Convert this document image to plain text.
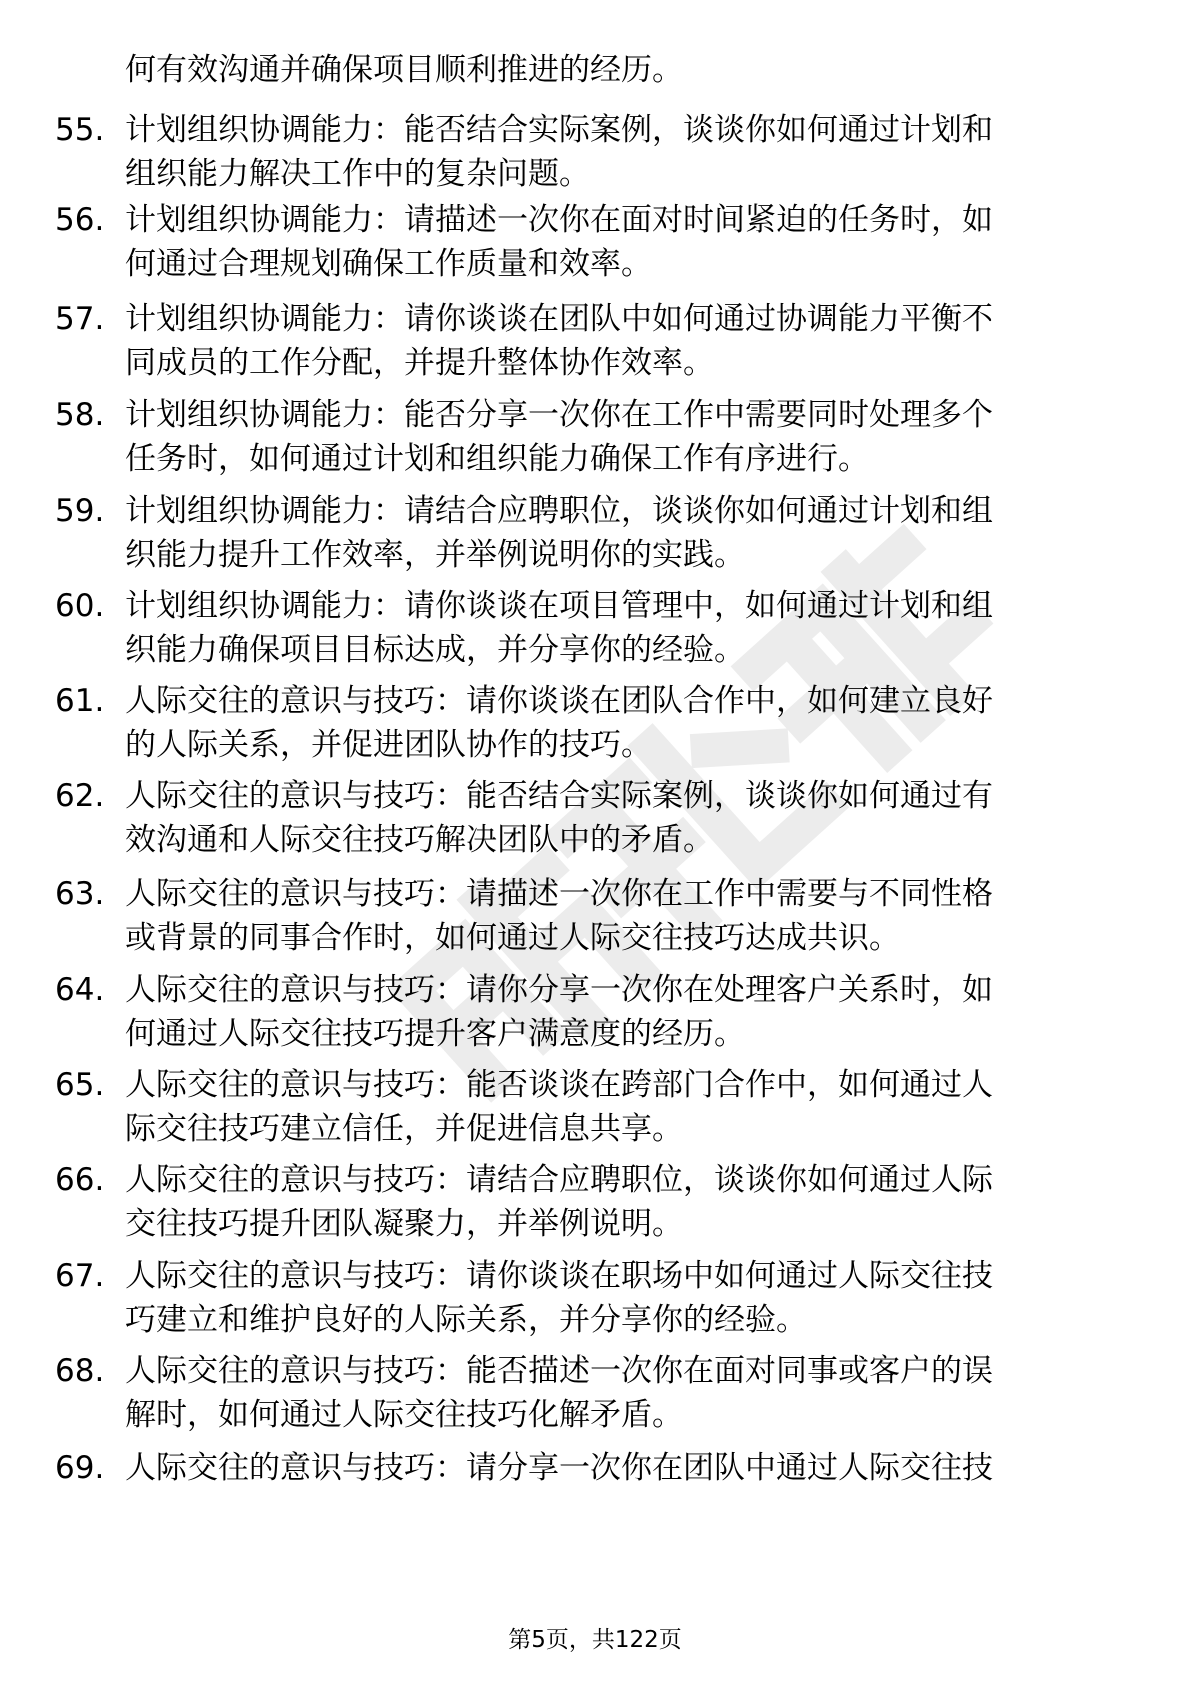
何有效沟通并确保项目顺利推进的经历。
55. 计划组织协调能力：能否结合实际案例，谈谈你如何通过计划和
组织能力解决工作中的复杂问题。
56. 计划组织协调能力：请描述一次你在面对时间紧迫的任务时，如
何通过合理规划确保工作质量和效率。
57. 计划组织协调能力：请你谈谈在团队中如何通过协调能力平衡不
同成员的工作分配，并提升整体协作效率。
58. 计划组织协调能力：能否分享一次你在工作中需要同时处理多个
任务时，如何通过计划和组织能力确保工作有序进行。
59. 计划组织协调能力：请结合应聘职位，谈谈你如何通过计划和组
织能力提升工作效率，并举例说明你的实践。
60. 计划组织协调能力：请你谈谈在项目管理中，如何通过计划和组
织能力确保项目目标达成，并分享你的经验。
61. 人际交往的意识与技巧：请你谈谈在团队合作中，如何建立良好
的人际关系，并促进团队协作的技巧。
62. 人际交往的意识与技巧：能否结合实际案例，谈谈你如何通过有
效沟通和人际交往技巧解决团队中的矛盾。
63. 人际交往的意识与技巧：请描述一次你在工作中需要与不同性格
或背景的同事合作时，如何通过人际交往技巧达成共识。
64. 人际交往的意识与技巧：请你分享一次你在处理客户关系时，如
何通过人际交往技巧提升客户满意度的经历。
65. 人际交往的意识与技巧：能否谈谈在跨部门合作中，如何通过人
际交往技巧建立信任，并促进信息共享。
66. 人际交往的意识与技巧：请结合应聘职位，谈谈你如何通过人际
交往技巧提升团队凝聚力，并举例说明。
67. 人际交往的意识与技巧：请你谈谈在职场中如何通过人际交往技
巧建立和维护良好的人际关系，并分享你的经验。
68. 人际交往的意识与技巧：能否描述一次你在面对同事或客户的误
解时，如何通过人际交往技巧化解矛盾。
69. 人际交往的意识与技巧：请分享一次你在团队中通过人际交往技
第5页，共122页
